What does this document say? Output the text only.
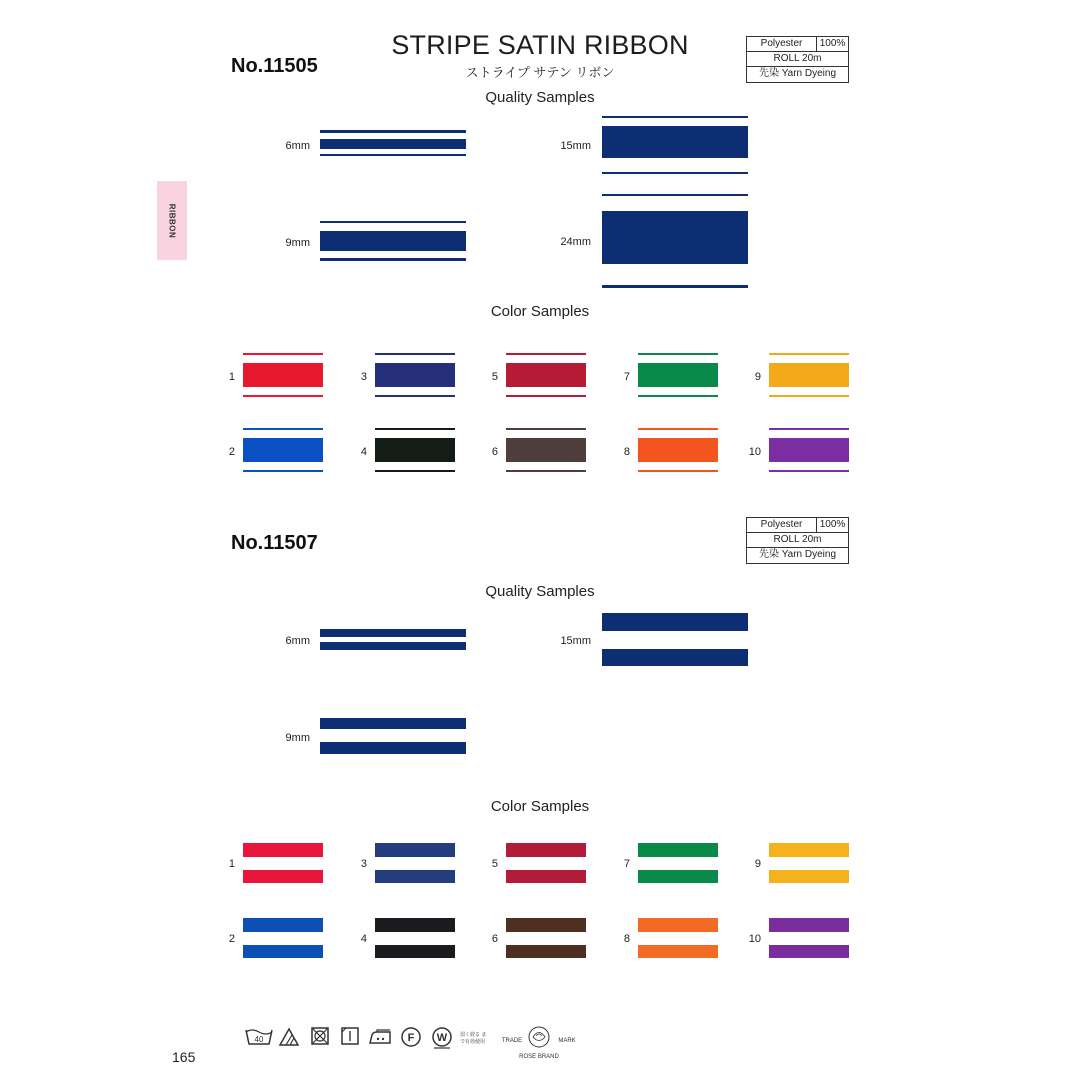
STRIPE SATIN RIBBON
ストライプ サテン リボン
RIBBON
No.11505
Polyester	100%
ROLL 20m
先染 Yarn Dyeing
Quality Samples
6mm
9mm
15mm
24mm
Color Samples
1
2
3
4
5
6
7
8
9
10
No.11507
Polyester	100%
ROLL 20m
先染 Yarn Dyeing
Quality Samples
6mm
9mm
15mm
Color Samples
1
2
3
4
5
6
7
8
9
10
165
40	F W	弱く絞る まで有効使用	TRADE	MARK
ROSE BRAND
